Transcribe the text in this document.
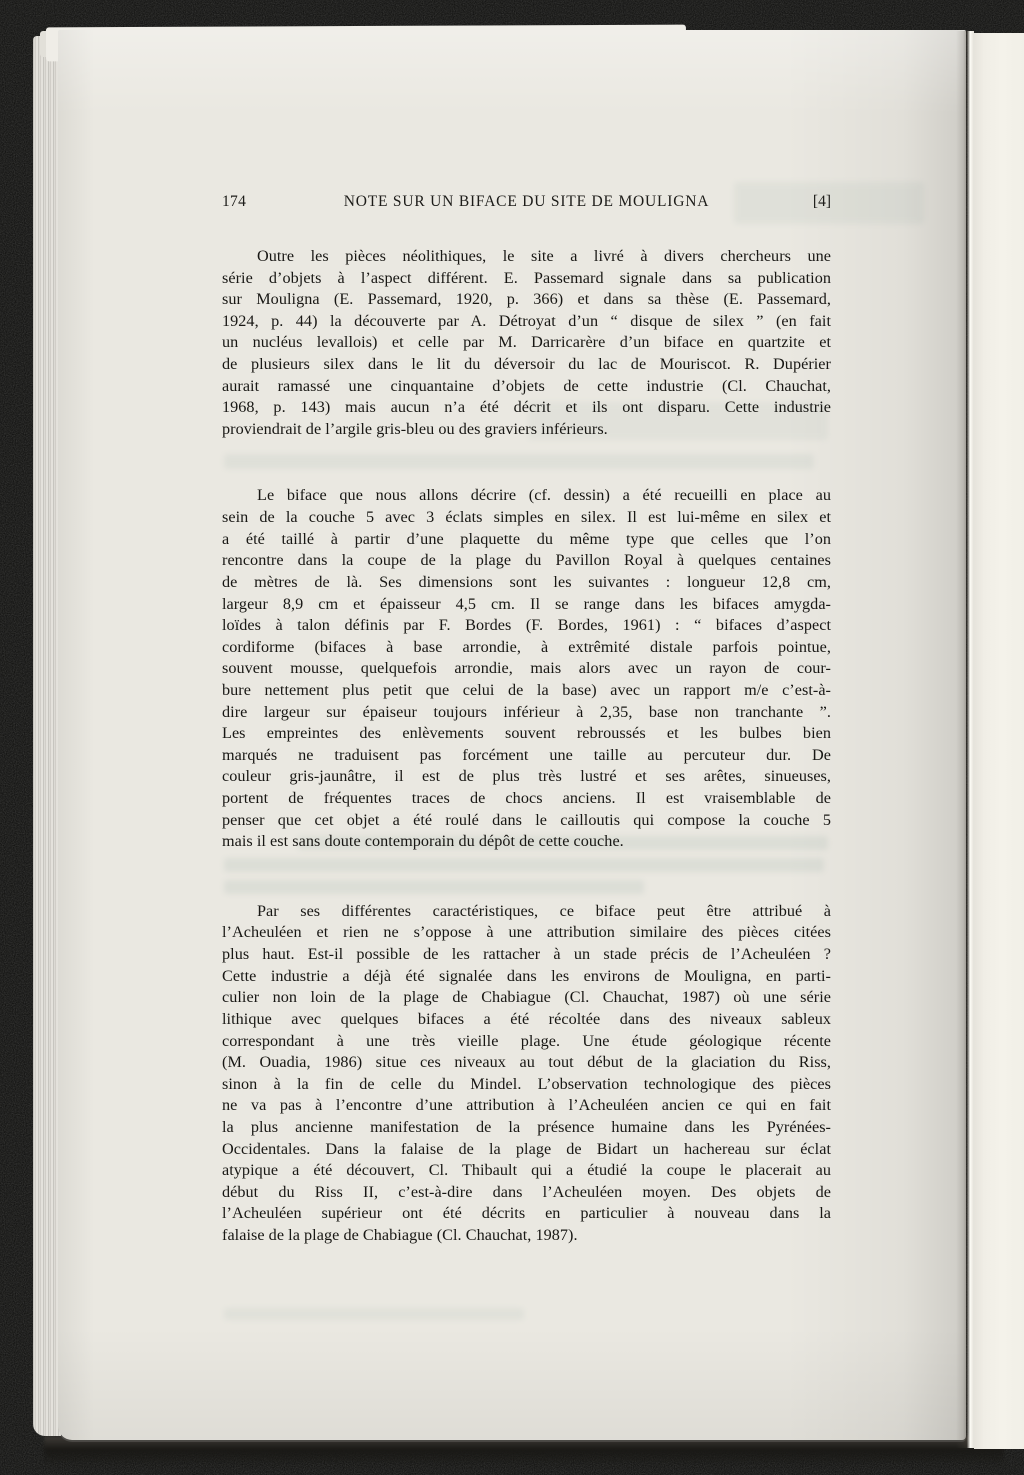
174	NOTE SUR UN BIFACE DU SITE DE MOULIGNA	[4]
Outre les pièces néolithiques, le site a livré à divers chercheurs une
série d’objets à l’aspect différent. E. Passemard signale dans sa publication
sur Mouligna (E. Passemard, 1920, p. 366) et dans sa thèse (E. Passemard,
1924, p. 44) la découverte par A. Détroyat d’un “ disque de silex ” (en fait
un nucléus levallois) et celle par M. Darricarère d’un biface en quartzite et
de plusieurs silex dans le lit du déversoir du lac de Mouriscot. R. Dupérier
aurait ramassé une cinquantaine d’objets de cette industrie (Cl. Chauchat,
1968, p. 143) mais aucun n’a été décrit et ils ont disparu. Cette industrie
proviendrait de l’argile gris-bleu ou des graviers inférieurs.
Le biface que nous allons décrire (cf. dessin) a été recueilli en place au
sein de la couche 5 avec 3 éclats simples en silex. Il est lui-même en silex et
a été taillé à partir d’une plaquette du même type que celles que l’on
rencontre dans la coupe de la plage du Pavillon Royal à quelques centaines
de mètres de là. Ses dimensions sont les suivantes : longueur 12,8 cm,
largeur 8,9 cm et épaisseur 4,5 cm. Il se range dans les bifaces amygda-
loïdes à talon définis par F. Bordes (F. Bordes, 1961) : “ bifaces d’aspect
cordiforme (bifaces à base arrondie, à extrêmité distale parfois pointue,
souvent mousse, quelquefois arrondie, mais alors avec un rayon de cour-
bure nettement plus petit que celui de la base) avec un rapport m/e c’est-à-
dire largeur sur épaiseur toujours inférieur à 2,35, base non tranchante ”.
Les empreintes des enlèvements souvent rebroussés et les bulbes bien
marqués ne traduisent pas forcément une taille au percuteur dur. De
couleur gris-jaunâtre, il est de plus très lustré et ses arêtes, sinueuses,
portent de fréquentes traces de chocs anciens. Il est vraisemblable de
penser que cet objet a été roulé dans le cailloutis qui compose la couche 5
mais il est sans doute contemporain du dépôt de cette couche.
Par ses différentes caractéristiques, ce biface peut être attribué à
l’Acheuléen et rien ne s’oppose à une attribution similaire des pièces citées
plus haut. Est-il possible de les rattacher à un stade précis de l’Acheuléen ?
Cette industrie a déjà été signalée dans les environs de Mouligna, en parti-
culier non loin de la plage de Chabiague (Cl. Chauchat, 1987) où une série
lithique avec quelques bifaces a été récoltée dans des niveaux sableux
correspondant à une très vieille plage. Une étude géologique récente
(M. Ouadia, 1986) situe ces niveaux au tout début de la glaciation du Riss,
sinon à la fin de celle du Mindel. L’observation technologique des pièces
ne va pas à l’encontre d’une attribution à l’Acheuléen ancien ce qui en fait
la plus ancienne manifestation de la présence humaine dans les Pyrénées-
Occidentales. Dans la falaise de la plage de Bidart un hachereau sur éclat
atypique a été découvert, Cl. Thibault qui a étudié la coupe le placerait au
début du Riss II, c’est-à-dire dans l’Acheuléen moyen. Des objets de
l’Acheuléen supérieur ont été décrits en particulier à nouveau dans la
falaise de la plage de Chabiague (Cl. Chauchat, 1987).
